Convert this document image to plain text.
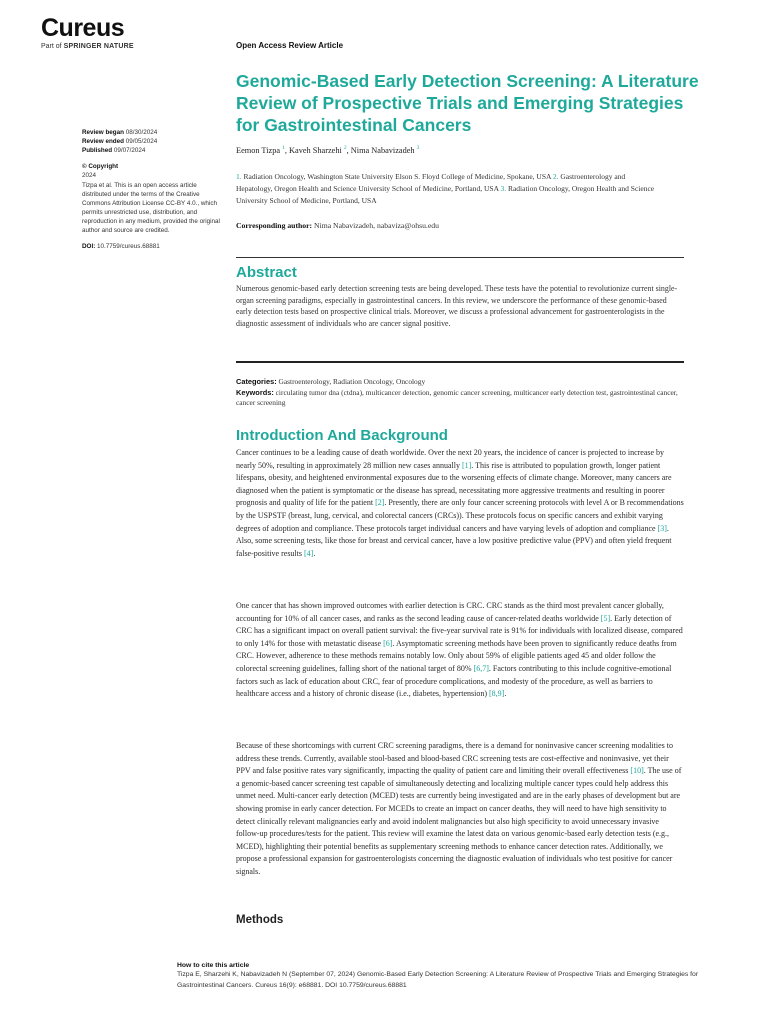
Cureus
Part of SPRINGER NATURE	Open Access Review Article
Genomic-Based Early Detection Screening: A Literature Review of Prospective Trials and Emerging Strategies for Gastrointestinal Cancers
Review began 08/30/2024
Review ended 09/05/2024
Published 09/07/2024
© Copyright
2024
Tizpa et al. This is an open access article distributed under the terms of the Creative Commons Attribution License CC-BY 4.0., which permits unrestricted use, distribution, and reproduction in any medium, provided the original author and source are credited.
DOI: 10.7759/cureus.68881
Eemon Tizpa $^1$, Kaveh Sharzehi $^2$, Nima Nabavizadeh $^3$
1. Radiation Oncology, Washington State University Elson S. Floyd College of Medicine, Spokane, USA 2. Gastroenterology and Hepatology, Oregon Health and Science University School of Medicine, Portland, USA 3. Radiation Oncology, Oregon Health and Science University School of Medicine, Portland, USA
Corresponding author: Nima Nabavizadeh, nabaviza@ohsu.edu
Abstract

Numerous genomic-based early detection screening tests are being developed. These tests have the potential to revolutionize current single-organ screening paradigms, especially in gastrointestinal cancers. In this review, we underscore the performance of these genomic-based early detection tests based on prospective clinical trials. Moreover, we discuss a professional advancement for gastroenterologists in the diagnostic assessment of individuals who are cancer signal positive.

Categories: Gastroenterology, Radiation Oncology, Oncology
Keywords: circulating tumor dna (ctdna), multicancer detection, genomic cancer screening, multicancer early detection test, gastrointestinal cancer, cancer screening
Introduction And Background

Cancer continues to be a leading cause of death worldwide. Over the next 20 years, the incidence of cancer is projected to increase by nearly 50%, resulting in approximately 28 million new cases annually [1]. This rise is attributed to population growth, longer patient lifespans, obesity, and heightened environmental exposures due to the worsening effects of climate change. Moreover, many cancers are diagnosed when the patient is symptomatic or the disease has spread, necessitating more aggressive treatments and resulting in poorer prognosis and quality of life for the patient [2]. Presently, there are only four cancer screening protocols with level A or B recommendations by the USPSTF (breast, lung, cervical, and colorectal cancers (CRCs)). These protocols focus on specific cancers and exhibit varying degrees of adoption and compliance. These protocols target individual cancers and have varying levels of adoption and compliance [3]. Also, some screening tests, like those for breast and cervical cancer, have a low positive predictive value (PPV) and often yield frequent false-positive results [4].

One cancer that has shown improved outcomes with earlier detection is CRC. CRC stands as the third most prevalent cancer globally, accounting for 10% of all cancer cases, and ranks as the second leading cause of cancer-related deaths worldwide [5]. Early detection of CRC has a significant impact on overall patient survival: the five-year survival rate is 91% for individuals with localized disease, compared to only 14% for those with metastatic disease [6]. Asymptomatic screening methods have been proven to significantly reduce deaths from CRC. However, adherence to these methods remains notably low. Only about 59% of eligible patients aged 45 and older follow the colorectal screening guidelines, falling short of the national target of 80% [6,7]. Factors contributing to this include cognitive-emotional factors such as lack of education about CRC, fear of procedure complications, and modesty of the procedure, as well as barriers to healthcare access and a history of chronic disease (i.e., diabetes, hypertension) [8,9].

Because of these shortcomings with current CRC screening paradigms, there is a demand for noninvasive cancer screening modalities to address these trends. Currently, available stool-based and blood-based CRC screening tests are cost-effective and noninvasive, yet their PPV and false positive rates vary significantly, impacting the quality of patient care and limiting their overall effectiveness [10]. The use of a genomic-based cancer screening test capable of simultaneously detecting and localizing multiple cancer types could help address this unmet need. Multi-cancer early detection (MCED) tests are currently being investigated and are in the early phases of development but are showing promise in early cancer detection. For MCEDs to create an impact on cancer deaths, they will need to have high sensitivity to detect clinically relevant malignancies early and avoid indolent malignancies but also high specificity to avoid unnecessary invasive follow-up procedures/tests for the patient. This review will examine the latest data on various genomic-based early detection tests (e.g., MCED), highlighting their potential benefits as supplementary screening methods to enhance cancer detection rates. Additionally, we propose a professional expansion for gastroenterologists concerning the diagnostic evaluation of individuals who test positive for cancer signals.

Methods
How to cite this article
Tizpa E, Sharzehi K, Nabavizadeh N (September 07, 2024) Genomic-Based Early Detection Screening: A Literature Review of Prospective Trials and Emerging Strategies for Gastrointestinal Cancers. Cureus 16(9): e68881. DOI 10.7759/cureus.68881
